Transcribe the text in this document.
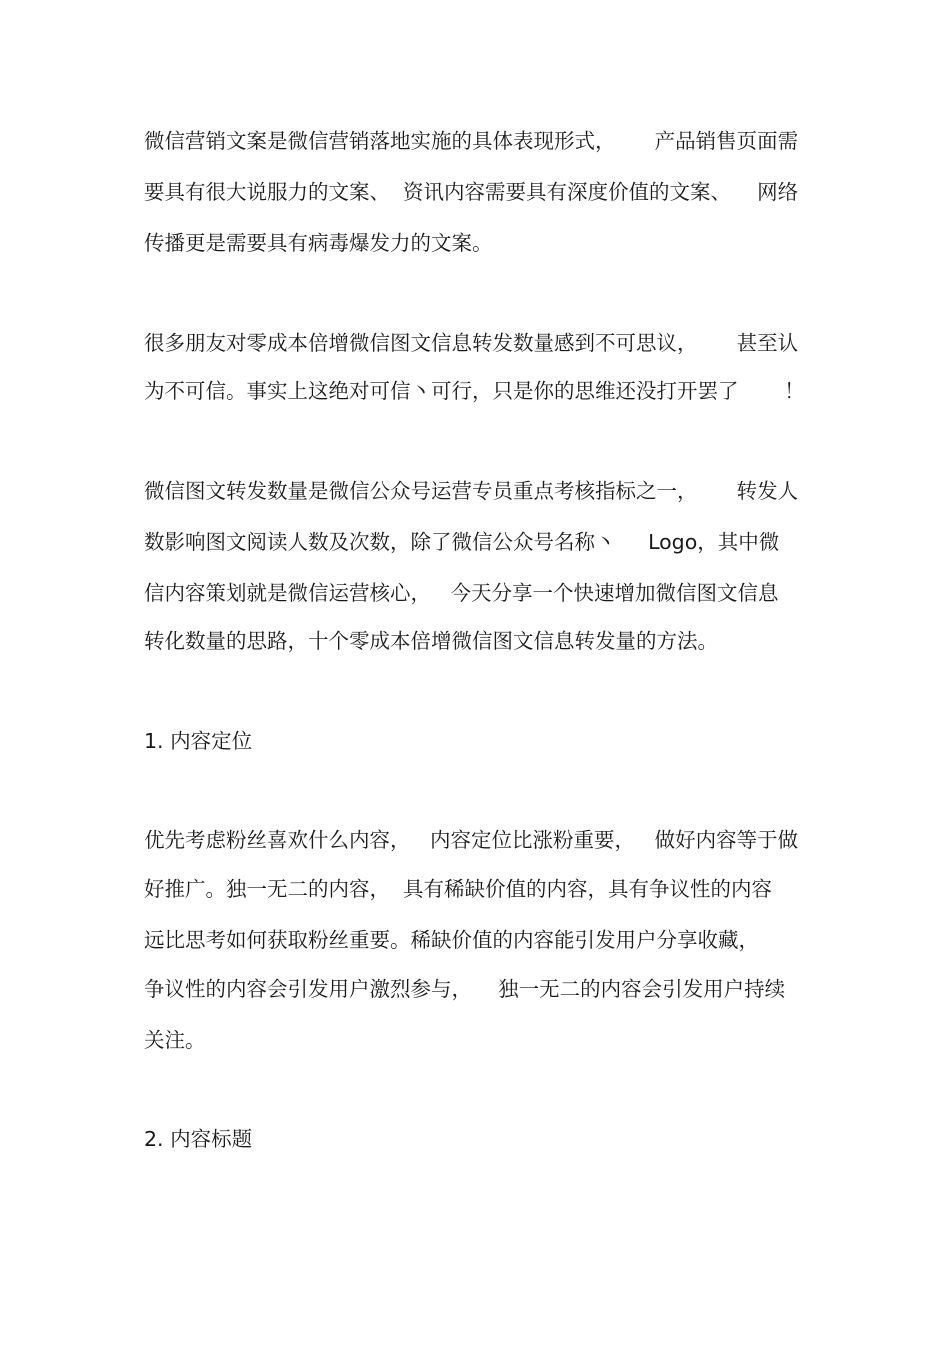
微信营销文案是微信营销落地实施的具体表现形式，      产品销售页面需
要具有很大说服力的文案、  资讯内容需要具有深度价值的文案、    网络
传播更是需要具有病毒爆发力的文案。
很多朋友对零成本倍增微信图文信息转发数量感到不可思议，      甚至认
为不可信。事实上这绝对可信丶可行，只是你的思维还没打开罢了       ！
微信图文转发数量是微信公众号运营专员重点考核指标之一，      转发人
数影响图文阅读人数及次数，除了微信公众号名称丶     Logo，其中微
信内容策划就是微信运营核心，   今天分享一个快速增加微信图文信息
转化数量的思路，十个零成本倍增微信图文信息转发量的方法。
1. 内容定位
优先考虑粉丝喜欢什么内容，   内容定位比涨粉重要，   做好内容等于做
好推广。独一无二的内容，  具有稀缺价值的内容，具有争议性的内容
远比思考如何获取粉丝重要。稀缺价值的内容能引发用户分享收藏，
争议性的内容会引发用户激烈参与，    独一无二的内容会引发用户持续
关注。
2. 内容标题
